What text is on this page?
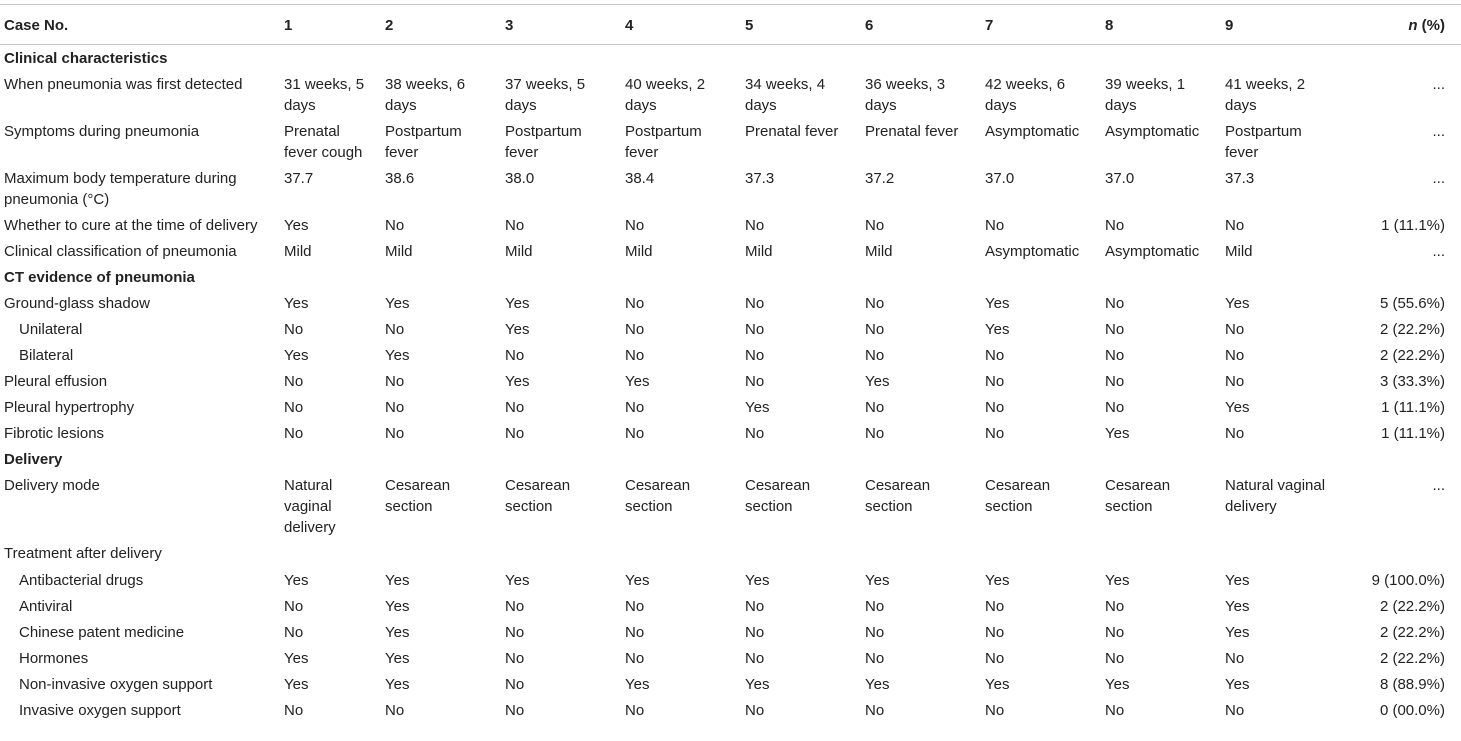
Case No.	1	2	3	4	5	6	7	8	9	n (%)
Clinical characteristics										
When pneumonia was first detected	31 weeks, 5 days	38 weeks, 6 days	37 weeks, 5 days	40 weeks, 2 days	34 weeks, 4 days	36 weeks, 3 days	42 weeks, 6 days	39 weeks, 1 days	41 weeks, 2 days	...
Symptoms during pneumonia	Prenatal fever cough	Postpartum fever	Postpartum fever	Postpartum fever	Prenatal fever	Prenatal fever	Asymptomatic	Asymptomatic	Postpartum fever	...
Maximum body temperature during pneumonia (°C)	37.7	38.6	38.0	38.4	37.3	37.2	37.0	37.0	37.3	...
Whether to cure at the time of delivery	Yes	No	No	No	No	No	No	No	No	1 (11.1%)
Clinical classification of pneumonia	Mild	Mild	Mild	Mild	Mild	Mild	Asymptomatic	Asymptomatic	Mild	...
CT evidence of pneumonia										
Ground-glass shadow	Yes	Yes	Yes	No	No	No	Yes	No	Yes	5 (55.6%)
Unilateral	No	No	Yes	No	No	No	Yes	No	No	2 (22.2%)
Bilateral	Yes	Yes	No	No	No	No	No	No	No	2 (22.2%)
Pleural effusion	No	No	Yes	Yes	No	Yes	No	No	No	3 (33.3%)
Pleural hypertrophy	No	No	No	No	Yes	No	No	No	Yes	1 (11.1%)
Fibrotic lesions	No	No	No	No	No	No	No	Yes	No	1 (11.1%)
Delivery										
Delivery mode	Natural vaginal delivery	Cesarean section	Cesarean section	Cesarean section	Cesarean section	Cesarean section	Cesarean section	Cesarean section	Natural vaginal delivery	...
Treatment after delivery										
Antibacterial drugs	Yes	Yes	Yes	Yes	Yes	Yes	Yes	Yes	Yes	9 (100.0%)
Antiviral	No	Yes	No	No	No	No	No	No	Yes	2 (22.2%)
Chinese patent medicine	No	Yes	No	No	No	No	No	No	Yes	2 (22.2%)
Hormones	Yes	Yes	No	No	No	No	No	No	No	2 (22.2%)
Non-invasive oxygen support	Yes	Yes	No	Yes	Yes	Yes	Yes	Yes	Yes	8 (88.9%)
Invasive oxygen support	No	No	No	No	No	No	No	No	No	0 (00.0%)
